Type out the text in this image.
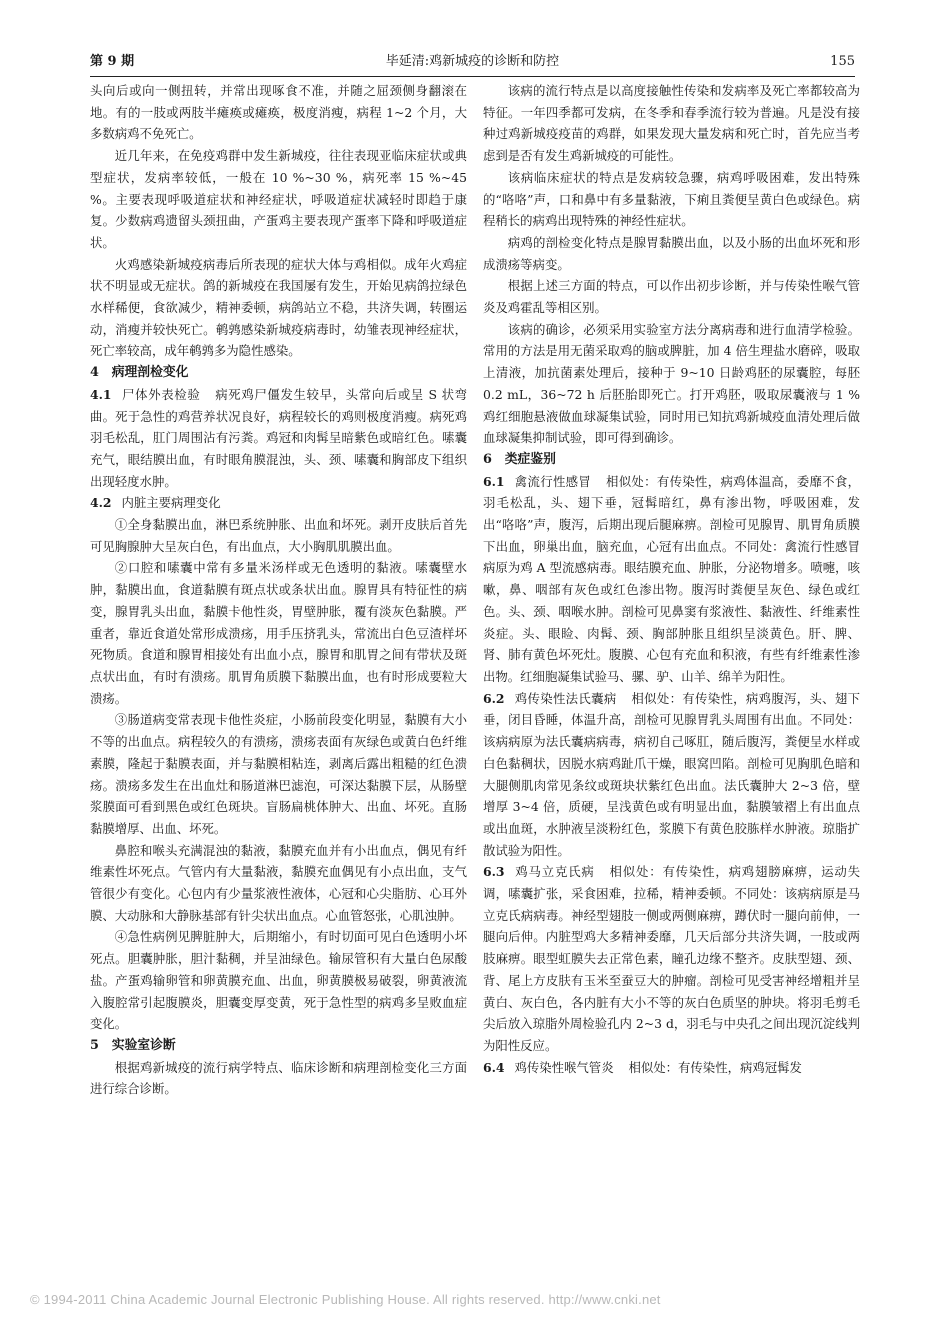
第 9 期	毕延清:鸡新城疫的诊断和防控	155

头向后或向一侧扭转，并常出现啄食不准，并随之屈颈侧身翻滚在地。有的一肢或两肢半瘫痪或瘫痪，极度消瘦，病程 1~2 个月，大多数病鸡不免死亡。

近几年来，在免疫鸡群中发生新城疫，往往表现亚临床症状或典型症状，发病率较低，一般在 10 %~30 %，病死率 15 %~45 %。主要表现呼吸道症状和神经症状，呼吸道症状减轻时即趋于康复。少数病鸡遗留头颈扭曲，产蛋鸡主要表现产蛋率下降和呼吸道症状。

火鸡感染新城疫病毒后所表现的症状大体与鸡相似。成年火鸡症状不明显或无症状。鸽的新城疫在我国屡有发生，开始见病鸽拉绿色水样稀便，食欲减少，精神委顿，病鸽站立不稳，共济失调，转圈运动，消瘦并较快死亡。鹌鹑感染新城疫病毒时，幼雏表现神经症状，死亡率较高，成年鹌鹑多为隐性感染。

4　病理剖检变化

4.1 尸体外表检验 病死鸡尸僵发生较早，头常向后或呈 S 状弯曲。死于急性的鸡营养状况良好，病程较长的鸡则极度消瘦。病死鸡羽毛松乱，肛门周围沾有污粪。鸡冠和肉髯呈暗紫色或暗红色。嗉囊充气，眼结膜出血，有时眼角膜混浊，头、颈、嗉囊和胸部皮下组织出现轻度水肿。

4.2 内脏主要病理变化

①全身黏膜出血，淋巴系统肿胀、出血和坏死。剥开皮肤后首先可见胸腺肿大呈灰白色，有出血点，大小胸肌肌膜出血。

②口腔和嗉囊中常有多量米汤样或无色透明的黏液。嗉囊壁水肿，黏膜出血，食道黏膜有斑点状或条状出血。腺胃具有特征性的病变，腺胃乳头出血，黏膜卡他性炎，胃壁肿胀，覆有淡灰色黏膜。严重者，靠近食道处常形成溃疡，用手压挤乳头，常流出白色豆渣样坏死物质。食道和腺胃相接处有出血小点，腺胃和肌胃之间有带状及斑点状出血，有时有溃疡。肌胃角质膜下黏膜出血，也有时形成要粒大溃疡。

③肠道病变常表现卡他性炎症，小肠前段变化明显，黏膜有大小不等的出血点。病程较久的有溃疡，溃疡表面有灰绿色或黄白色纤维素膜，隆起于黏膜表面，并与黏膜相粘连，剥离后露出粗糙的红色溃疡。溃疡多发生在出血灶和肠道淋巴滤泡，可深达黏膜下层，从肠壁浆膜面可看到黑色或红色斑块。盲肠扁桃体肿大、出血、坏死。直肠黏膜增厚、出血、坏死。

鼻腔和喉头充满混浊的黏液，黏膜充血并有小出血点，偶见有纤维素性坏死点。气管内有大量黏液，黏膜充血偶见有小点出血，支气管很少有变化。心包内有少量浆液性液体，心冠和心尖脂肪、心耳外膜、大动脉和大静脉基部有针尖状出血点。心血管怒张，心肌浊肿。

④急性病例见脾脏肿大，后期缩小，有时切面可见白色透明小坏死点。胆囊肿胀，胆汁黏稠，并呈油绿色。输尿管积有大量白色尿酸盐。产蛋鸡输卵管和卵黄膜充血、出血，卵黄膜极易破裂，卵黄液流入腹腔常引起腹膜炎，胆囊变厚变黄，死于急性型的病鸡多呈败血症变化。

5　实验室诊断

根据鸡新城疫的流行病学特点、临床诊断和病理剖检变化三方面进行综合诊断。

该病的流行特点是以高度接触性传染和发病率及死亡率都较高为特征。一年四季都可发病，在冬季和春季流行较为普遍。凡是没有接种过鸡新城疫疫苗的鸡群，如果发现大量发病和死亡时，首先应当考虑到是否有发生鸡新城疫的可能性。

该病临床症状的特点是发病较急骤，病鸡呼吸困难，发出特殊的“咯咯”声，口和鼻中有多量黏液，下痢且粪便呈黄白色或绿色。病程稍长的病鸡出现特殊的神经性症状。

病鸡的剖检变化特点是腺胃黏膜出血，以及小肠的出血坏死和形成溃疡等病变。

根据上述三方面的特点，可以作出初步诊断，并与传染性喉气管炎及鸡霍乱等相区别。

该病的确诊，必须采用实验室方法分离病毒和进行血清学检验。常用的方法是用无菌采取鸡的脑或脾脏，加 4 倍生理盐水磨碎，吸取上清液，加抗菌素处理后，接种于 9~10 日龄鸡胚的尿囊腔，每胚 0.2 mL，36~72 h 后胚胎即死亡。打开鸡胚，吸取尿囊液与 1 % 鸡红细胞悬液做血球凝集试验，同时用已知抗鸡新城疫血清处理后做血球凝集抑制试验，即可得到确诊。

6　类症鉴别

6.1 禽流行性感冒 相似处：有传染性，病鸡体温高，委靡不食，羽毛松乱，头、翅下垂，冠髯暗红，鼻有渗出物，呼吸困难，发出“咯咯”声，腹泻，后期出现后腿麻痹。剖检可见腺胃、肌胃角质膜下出血，卵巢出血，脑充血，心冠有出血点。不同处：禽流行性感冒病原为鸡 A 型流感病毒。眼结膜充血、肿胀，分泌物增多。喷嚏，咳嗽，鼻、咽部有灰色或红色渗出物。腹泻时粪便呈灰色、绿色或红色。头、颈、咽喉水肿。剖检可见鼻窦有浆液性、黏液性、纤维素性炎症。头、眼睑、肉髯、颈、胸部肿胀且组织呈淡黄色。肝、脾、肾、肺有黄色坏死灶。腹膜、心包有充血和积液，有些有纤维素性渗出物。红细胞凝集试验马、骡、驴、山羊、绵羊为阳性。

6.2 鸡传染性法氏囊病 相似处：有传染性，病鸡腹泻，头、翅下垂，闭目昏睡，体温升高，剖检可见腺胃乳头周围有出血。不同处：该病病原为法氏囊病病毒，病初自己啄肛，随后腹泻，粪便呈水样或白色黏稠状，因脱水病鸡趾爪干燥，眼窝凹陷。剖检可见胸肌色暗和大腿侧肌肉常见条纹或斑块状紫红色出血。法氏囊肿大 2~3 倍，壁增厚 3~4 倍，质硬，呈浅黄色或有明显出血，黏膜皱褶上有出血点或出血斑，水肿液呈淡粉红色，浆膜下有黄色胶胨样水肿液。琼脂扩散试验为阳性。

6.3 鸡马立克氏病 相似处：有传染性，病鸡翅膀麻痹，运动失调，嗉囊扩张，采食困难，拉稀，精神委顿。不同处：该病病原是马立克氏病病毒。神经型翅肢一侧或两侧麻痹，蹲伏时一腿向前伸，一腿向后伸。内脏型鸡大多精神委靡，几天后部分共济失调，一肢或两肢麻痹。眼型虹膜失去正常色素，瞳孔边缘不整齐。皮肤型翅、颈、背、尾上方皮肤有玉米至蚕豆大的肿瘤。剖检可见受害神经增粗并呈黄白、灰白色，各内脏有大小不等的灰白色质坚的肿块。将羽毛剪毛尖后放入琼脂外周检验孔内 2~3 d，羽毛与中央孔之间出现沉淀线判为阳性反应。

6.4 鸡传染性喉气管炎 相似处：有传染性，病鸡冠髯发

© 1994-2011 China Academic Journal Electronic Publishing House. All rights reserved. http://www.cnki.net
